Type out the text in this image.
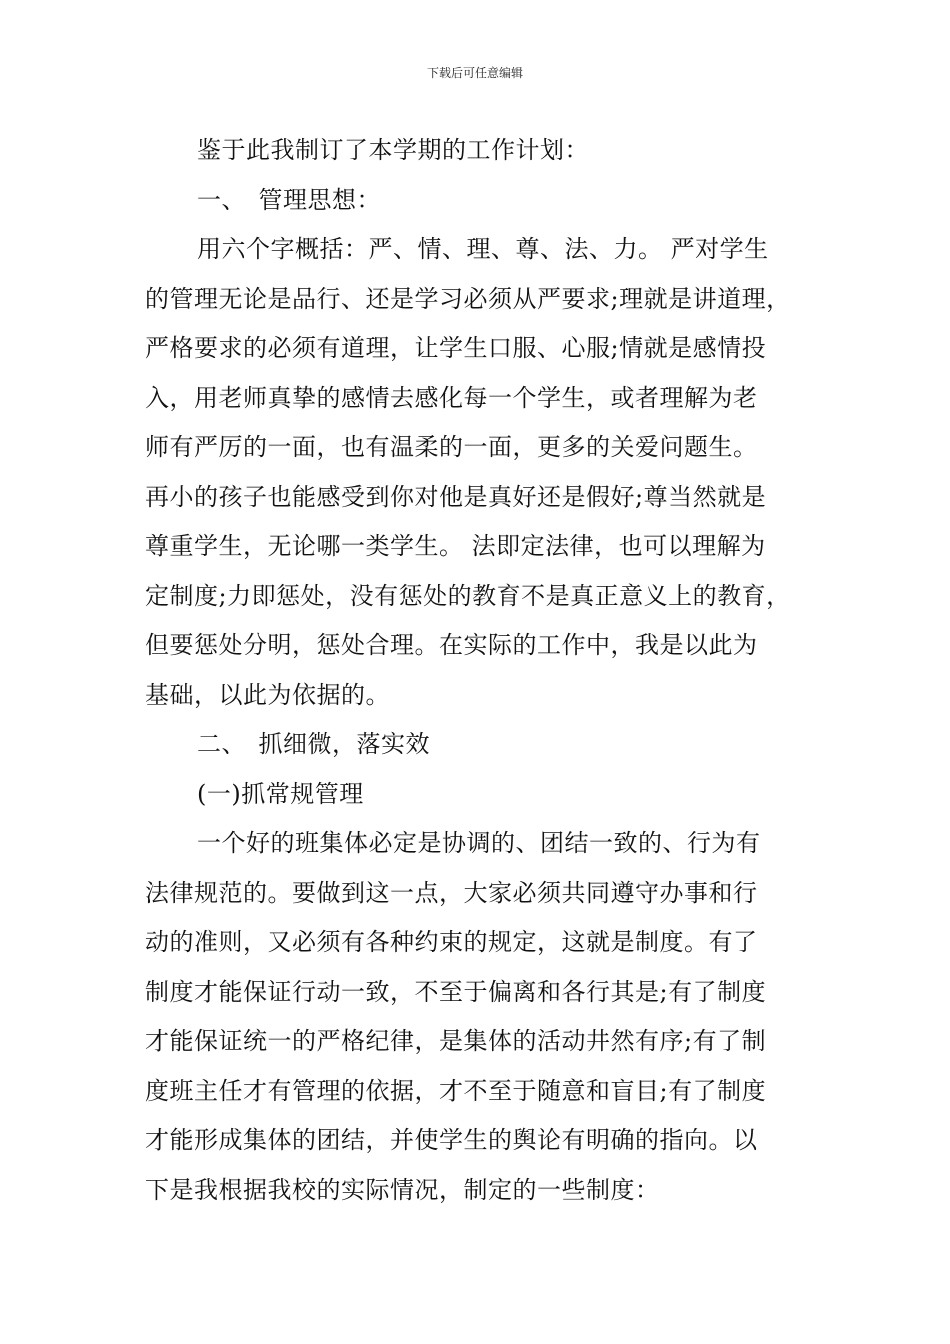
下载后可任意编辑
鉴于此我制订了本学期的工作计划：
一、　管理思想：
用六个字概括：严、情、理、尊、法、力。 严对学生
的管理无论是品行、还是学习必须从严要求;理就是讲道理，
严格要求的必须有道理，让学生口服、心服;情就是感情投
入，用老师真挚的感情去感化每一个学生，或者理解为老
师有严厉的一面，也有温柔的一面，更多的关爱问题生。
再小的孩子也能感受到你对他是真好还是假好;尊当然就是
尊重学生，无论哪一类学生。 法即定法律，也可以理解为
定制度;力即惩处，没有惩处的教育不是真正意义上的教育，
但要惩处分明，惩处合理。在实际的工作中，我是以此为
基础，以此为依据的。
二、　抓细微，落实效
(一)抓常规管理
一个好的班集体必定是协调的、团结一致的、行为有
法律规范的。要做到这一点，大家必须共同遵守办事和行
动的准则，又必须有各种约束的规定，这就是制度。有了
制度才能保证行动一致，不至于偏离和各行其是;有了制度
才能保证统一的严格纪律，是集体的活动井然有序;有了制
度班主任才有管理的依据，才不至于随意和盲目;有了制度
才能形成集体的团结，并使学生的舆论有明确的指向。以
下是我根据我校的实际情况，制定的一些制度：
